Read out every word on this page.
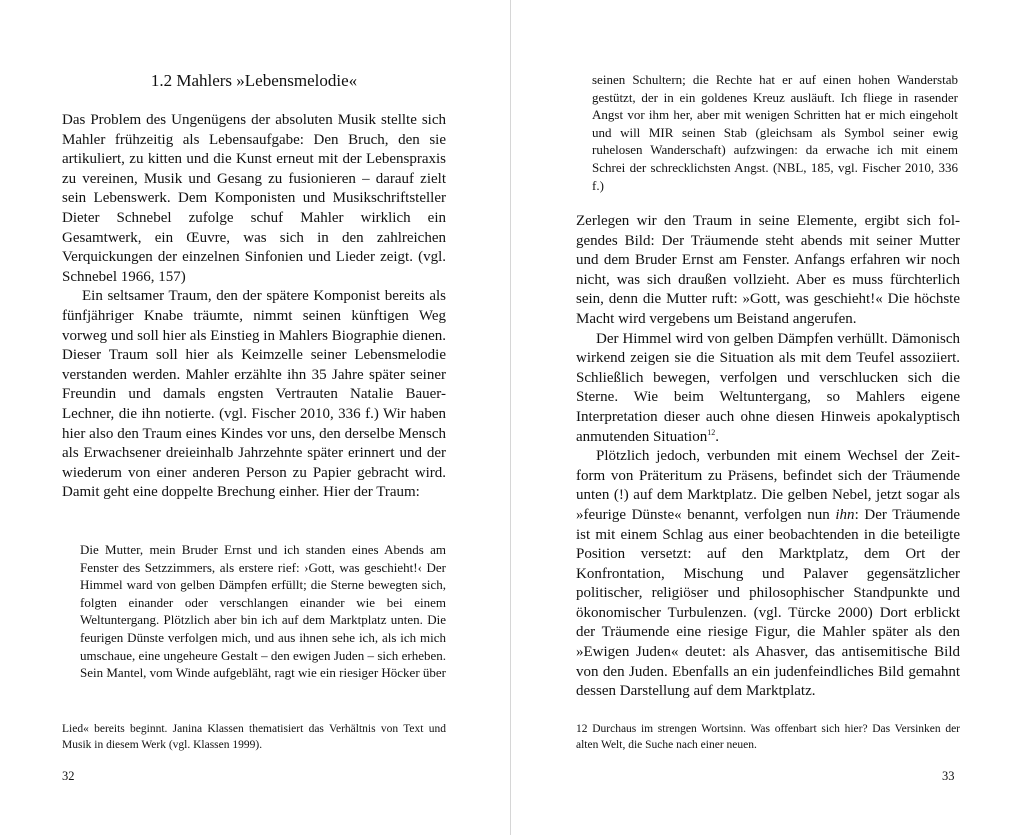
1.2 Mahlers »Lebensmelodie«

Das Problem des Ungenügens der absoluten Musik stellte sich Mahler frühzeitig als Lebensaufgabe: Den Bruch, den sie artikuliert, zu kitten und die Kunst erneut mit der Lebenspraxis zu vereinen, Musik und Gesang zu fusionieren – darauf zielt sein Lebenswerk. Dem Komponisten und Musikschriftsteller Dieter Schnebel zufolge schuf Mahler wirklich ein Gesamtwerk, ein Œuvre, was sich in den zahlreichen Verquickungen der einzelnen Sinfonien und Lieder zeigt. (vgl. Schnebel 1966, 157)

Ein seltsamer Traum, den der spätere Komponist bereits als fünfjähriger Knabe träumte, nimmt seinen künftigen Weg vorweg und soll hier als Einstieg in Mahlers Biographie dienen. Dieser Traum soll hier als Keimzelle seiner Lebensmelodie verstanden werden. Mahler erzählte ihn 35 Jahre später seiner Freundin und damals engsten Vertrauten Natalie Bauer-Lechner, die ihn notierte. (vgl. Fischer 2010, 336 f.) Wir haben hier also den Traum eines Kindes vor uns, den derselbe Mensch als Erwachsener dreieinhalb Jahrzehnte später erinnert und der wiederum von einer anderen Person zu Papier gebracht wird. Damit geht eine doppelte Brechung einher. Hier der Traum:

Die Mutter, mein Bruder Ernst und ich standen eines Abends am Fenster des Setzzimmers, als erstere rief: ›Gott, was geschieht!‹ Der Himmel ward von gelben Dämpfen erfüllt; die Sterne bewegten sich, folgten einander oder verschlangen einander wie bei einem Weltuntergang. Plötzlich aber bin ich auf dem Marktplatz unten. Die feurigen Dünste verfolgen mich, und aus ihnen sehe ich, als ich mich umschaue, eine ungeheure Gestalt – den ewigen Juden – sich erheben. Sein Mantel, vom Winde aufgebläht, ragt wie ein riesiger Höcker über

Lied« bereits beginnt. Janina Klassen thematisiert das Verhältnis von Text und Musik in diesem Werk (vgl. Klassen 1999).

32

seinen Schultern; die Rechte hat er auf einen hohen Wanderstab gestützt, der in ein goldenes Kreuz ausläuft. Ich fliege in rasender Angst vor ihm her, aber mit wenigen Schritten hat er mich eingeholt und will MIR seinen Stab (gleichsam als Symbol seiner ewig ruhelosen Wanderschaft) aufzwingen: da erwache ich mit einem Schrei der schrecklichsten Angst. (NBL, 185, vgl. Fischer 2010, 336 f.)

Zerlegen wir den Traum in seine Elemente, ergibt sich folgendes Bild: Der Träumende steht abends mit seiner Mutter und dem Bruder Ernst am Fenster. Anfangs erfahren wir noch nicht, was sich draußen vollzieht. Aber es muss fürchterlich sein, denn die Mutter ruft: »Gott, was geschieht!« Die höchste Macht wird vergebens um Beistand angerufen.

Der Himmel wird von gelben Dämpfen verhüllt. Dämonisch wirkend zeigen sie die Situation als mit dem Teufel assoziiert. Schließlich bewegen, verfolgen und verschlucken sich die Sterne. Wie beim Weltuntergang, so Mahlers eigene Interpretation dieser auch ohne diesen Hinweis apokalyptisch anmutenden Situation$^{12}$.

Plötzlich jedoch, verbunden mit einem Wechsel der Zeitform von Präteritum zu Präsens, befindet sich der Träumende unten (!) auf dem Marktplatz. Die gelben Nebel, jetzt sogar als »feurige Dünste« benannt, verfolgen nun ihn: Der Träumende ist mit einem Schlag aus einer beobachtenden in die beteiligte Position versetzt: auf den Marktplatz, dem Ort der Konfrontation, Mischung und Palaver gegensätzlicher politischer, religiöser und philosophischer Standpunkte und ökonomischer Turbulenzen. (vgl. Türcke 2000) Dort erblickt der Träumende eine riesige Figur, die Mahler später als den »Ewigen Juden« deutet: als Ahasver, das antisemitische Bild von den Juden. Ebenfalls an ein judenfeindliches Bild gemahnt dessen Darstellung auf dem Marktplatz.

12 Durchaus im strengen Wortsinn. Was offenbart sich hier? Das Versinken der alten Welt, die Suche nach einer neuen.

33
